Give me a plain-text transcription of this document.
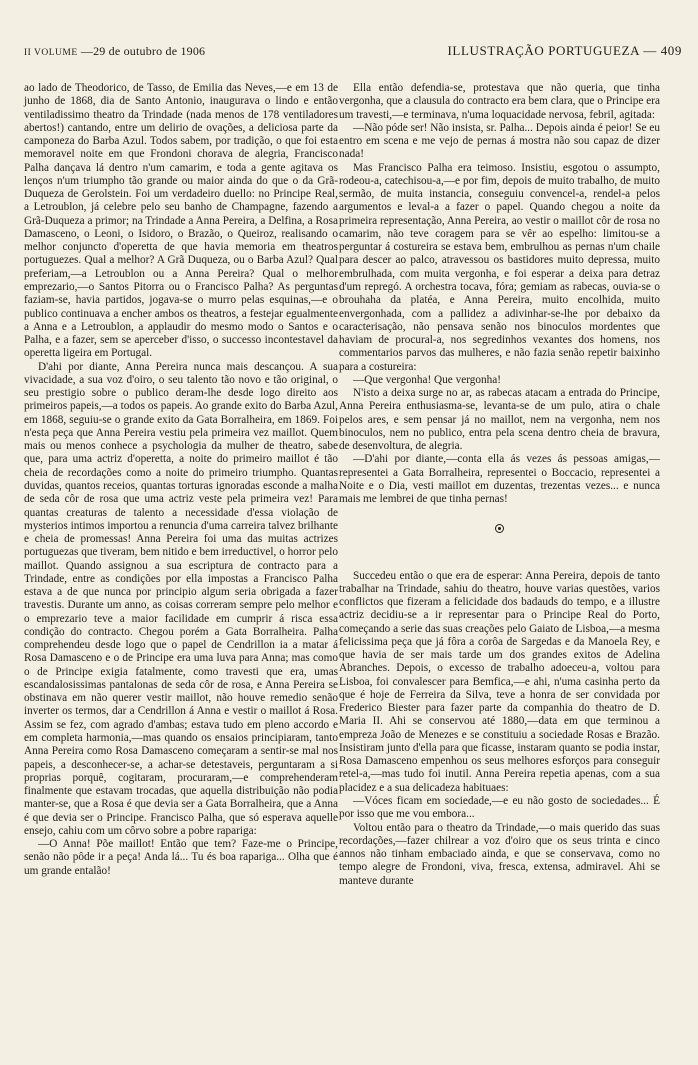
II VOLUME —29 de outubro de 1906	ILLUSTRAÇÃO PORTUGUEZA — 409

ao lado de Theodorico, de Tasso, de Emilia das Neves,—e em 13 de junho de 1868, dia de Santo Antonio, inaugurava o lindo e então ventiladissimo theatro da Trindade (nada menos de 178 ventiladores abertos!) cantando, entre um delirio de ovações, a deliciosa parte da camponeza do Barba Azul. Todos sabem, por tradição, o que foi esta memoravel noite em que Frondoni chorava de alegria, Francisco Palha dançava lá dentro n'um camarim, e toda a gente agitava os lenços n'um triumpho tão grande ou maior ainda do que o da Grã-Duqueza de Gerolstein. Foi um verdadeiro duello: no Principe Real, a Letroublon, já celebre pelo seu banho de Champagne, fazendo a Grã-Duqueza a primor; na Trindade a Anna Pereira, a Delfina, a Rosa Damasceno, o Leoni, o Isidoro, o Brazão, o Queiroz, realisando o melhor conjuncto d'operetta de que havia memoria em theatros portuguezes. Qual a melhor? A Grã Duqueza, ou o Barba Azul? Qual preferiam,—a Letroublon ou a Anna Pereira? Qual o melhor emprezario,—o Santos Pitorra ou o Francisco Palha? As perguntas faziam-se, havia partidos, jogava-se o murro pelas esquinas,—e o publico continuava a encher ambos os theatros, a festejar egualmente a Anna e a Letroublon, a applaudir do mesmo modo o Santos e o Palha, e a fazer, sem se aperceber d'isso, o successo incontestavel da operetta ligeira em Portugal.

D'ahi por diante, Anna Pereira nunca mais descançou. A sua vivacidade, a sua voz d'oiro, o seu talento tão novo e tão original, o seu prestigio sobre o publico deram-lhe desde logo direito aos primeiros papeis,—a todos os papeis. Ao grande exito do Barba Azul, em 1868, seguiu-se o grande exito da Gata Borralheira, em 1869. Foi n'esta peça que Anna Pereira vestiu pela primeira vez maillot. Quem mais ou menos conhece a psychologia da mulher de theatro, sabe que, para uma actriz d'operetta, a noite do primeiro maillot é tão cheia de recordações como a noite do primeiro triumpho. Quantas duvidas, quantos receios, quantas torturas ignoradas esconde a malha de seda côr de rosa que uma actriz veste pela primeira vez! Para quantas creaturas de talento a necessidade d'essa violação de mysterios intimos importou a renuncia d'uma carreira talvez brilhante e cheia de promessas! Anna Pereira foi uma das muitas actrizes portuguezas que tiveram, bem nitido e bem irreductivel, o horror pelo maillot. Quando assignou a sua escriptura de contracto para a Trindade, entre as condições por ella impostas a Francisco Palha estava a de que nunca por principio algum seria obrigada a fazer travestis. Durante um anno, as coisas correram sempre pelo melhor e o emprezario teve a maior facilidade em cumprir á risca essa condição do contracto. Chegou porém a Gata Borralheira. Palha comprehendeu desde logo que o papel de Cendrillon ia a matar á Rosa Damasceno e o de Principe era uma luva para Anna; mas como o de Principe exigia fatalmente, como travesti que era, umas escandalosissimas pantalonas de seda côr de rosa, e Anna Pereira se obstinava em não querer vestir maillot, não houve remedio senão inverter os termos, dar a Cendrillon á Anna e vestir o maillot á Rosa. Assim se fez, com agrado d'ambas; estava tudo em pleno accordo e em completa harmonia,—mas quando os ensaios principiaram, tanto Anna Pereira como Rosa Damasceno começaram a sentir-se mal nos papeis, a desconhecer-se, a achar-se detestaveis, perguntaram a si proprias porquê, cogitaram, procuraram,—e comprehenderam finalmente que estavam trocadas, que aquella distribuição não podia manter-se, que a Rosa é que devia ser a Gata Borralheira, que a Anna é que devia ser o Principe. Francisco Palha, que só esperava aquelle ensejo, cahiu com um côrvo sobre a pobre rapariga:

—O Anna! Põe maillot! Então que tem? Faze-me o Principe, senão não pôde ir a peça! Anda lá... Tu és boa rapariga... Olha que é um grande entalão!

Ella então defendia-se, protestava que não queria, que tinha vergonha, que a clausula do contracto era bem clara, que o Principe era um travesti,—e terminava, n'uma loquacidade nervosa, febril, agitada:

—Não póde ser! Não insista, sr. Palha... Depois ainda é peior! Se eu entro em scena e me vejo de pernas á mostra não sou capaz de dizer nada!

Mas Francisco Palha era teimoso. Insistiu, esgotou o assumpto, rodeou-a, catechisou-a,—e por fim, depois de muito trabalho, de muito sermão, de muita instancia, conseguiu convencel-a, rendel-a pelos argumentos e leval-a a fazer o papel. Quando chegou a noite da primeira representação, Anna Pereira, ao vestir o maillot côr de rosa no camarim, não teve coragem para se vêr ao espelho: limitou-se a perguntar á costureira se estava bem, embrulhou as pernas n'um chaile para descer ao palco, atravessou os bastidores muito depressa, muito embrulhada, com muita vergonha, e foi esperar a deixa para detraz d'um repregó. A orchestra tocava, fóra; gemiam as rabecas, ouvia-se o brouhaha da platéa, e Anna Pereira, muito encolhida, muito envergonhada, com a pallidez a adivinhar-se-lhe por debaixo da caracterisação, não pensava senão nos binoculos mordentes que haviam de procural-a, nos segredinhos vexantes dos homens, nos commentarios parvos das mulheres, e não fazia senão repetir baixinho para a costureira:

—Que vergonha! Que vergonha!

N'isto a deixa surge no ar, as rabecas atacam a entrada do Principe, Anna Pereira enthusiasma-se, levanta-se de um pulo, atira o chale pelos ares, e sem pensar já no maillot, nem na vergonha, nem nos binoculos, nem no publico, entra pela scena dentro cheia de bravura, de desenvoltura, de alegria.

—D'ahi por diante,—conta ella ás vezes ás pessoas amigas,—representei a Gata Borralheira, representei o Boccacio, representei a Noite e o Dia, vesti maillot em duzentas, trezentas vezes... e nunca mais me lembrei de que tinha pernas!

Succedeu então o que era de esperar: Anna Pereira, depois de tanto trabalhar na Trindade, sahiu do theatro, houve varias questões, varios conflictos que fizeram a felicidade dos badauds do tempo, e a illustre actriz decidiu-se a ir representar para o Principe Real do Porto, começando a serie das suas creações pelo Gaiato de Lisboa,—a mesma felicissima peça que já fôra a corôa de Sargedas e da Manoela Rey, e que havia de ser mais tarde um dos grandes exitos de Adelina Abranches. Depois, o excesso de trabalho adoeceu-a, voltou para Lisboa, foi convalescer para Bemfica,—e ahi, n'uma casinha perto da que é hoje de Ferreira da Silva, teve a honra de ser convidada por Frederico Biester para fazer parte da companhia do theatro de D. Maria II. Ahi se conservou até 1880,—data em que terminou a empreza João de Menezes e se constituiu a sociedade Rosas e Brazão. Insistiram junto d'ella para que ficasse, instaram quanto se podia instar, Rosa Damasceno empenhou os seus melhores esforços para conseguir retel-a,—mas tudo foi inutil. Anna Pereira repetia apenas, com a sua placidez e a sua delicadeza habituaes:

—Vóces ficam em sociedade,—e eu não gosto de sociedades... É por isso que me vou embora...

Voltou então para o theatro da Trindade,—o mais querido das suas recordações,—fazer chilrear a voz d'oiro que os seus trinta e cinco annos não tinham embaciado ainda, e que se conservava, como no tempo alegre de Frondoni, viva, fresca, extensa, admiravel. Ahi se manteve durante
